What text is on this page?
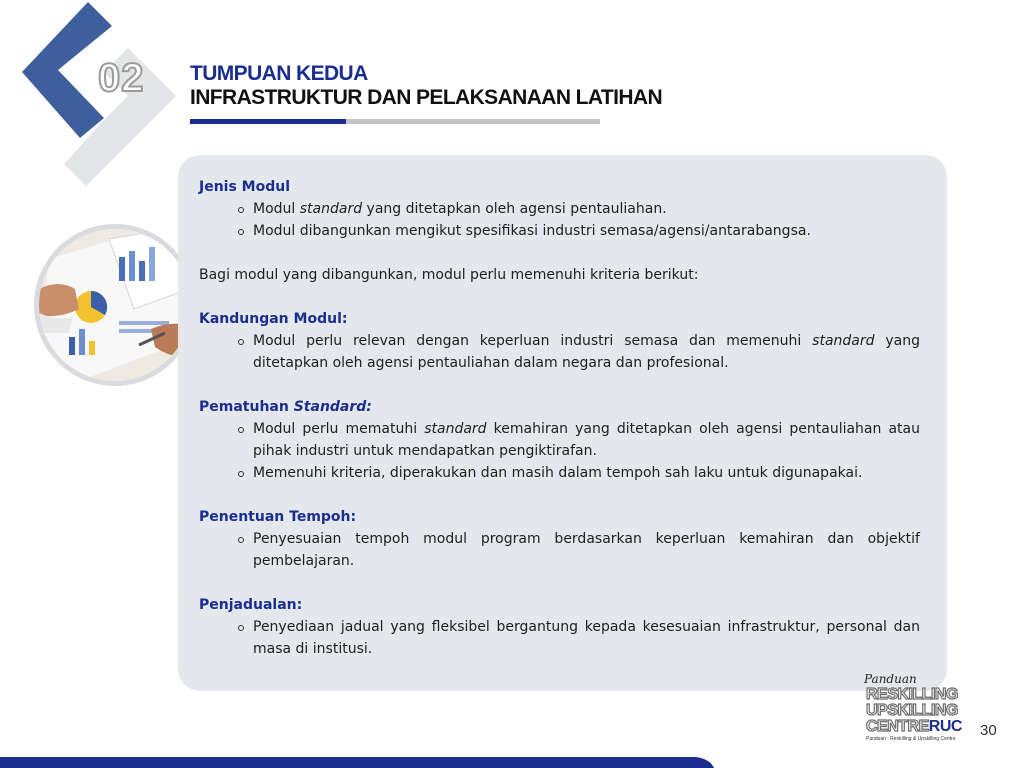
02	TUMPUAN KEDUA
INFRASTRUKTUR DAN PELAKSANAAN LATIHAN

Jenis Modul

Modul standard yang ditetapkan oleh agensi pentauliahan.
Modul dibangunkan mengikut spesifikasi industri semasa/agensi/antarabangsa.

Bagi modul yang dibangunkan, modul perlu memenuhi kriteria berikut:

Kandungan Modul:

Modul perlu relevan dengan keperluan industri semasa dan memenuhi standard yang ditetapkan oleh agensi pentauliahan dalam negara dan profesional.

Pematuhan Standard:

Modul perlu mematuhi standard kemahiran yang ditetapkan oleh agensi pentauliahan atau pihak industri untuk mendapatkan pengiktirafan.
Memenuhi kriteria, diperakukan dan masih dalam tempoh sah laku untuk digunapakai.

Penentuan Tempoh:

Penyesuaian tempoh modul program berdasarkan keperluan kemahiran dan objektif pembelajaran.

Penjadualan:

Penyediaan jadual yang fleksibel bergantung kepada kesesuaian infrastruktur, personal dan masa di institusi.
Panduan
RESKILLING
UPSKILLING
CENTRERUC
Panduan : Reskilling & Upskilling Centre 30
